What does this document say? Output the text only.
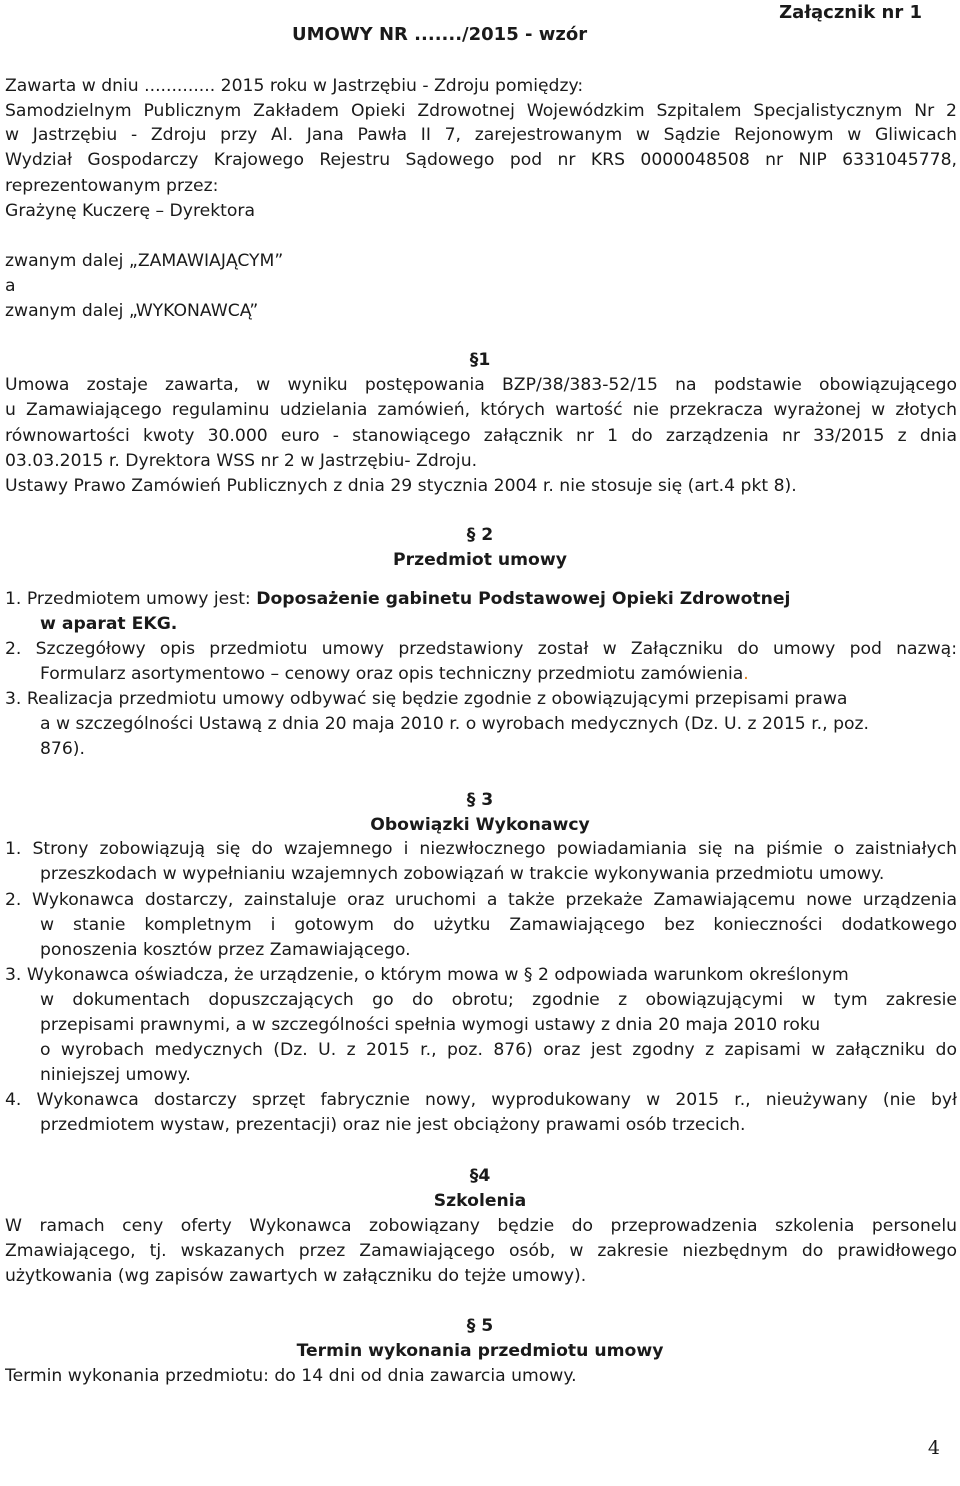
UMOWY NR ......./2015 - wzór
Załącznik nr 1
Zawarta w dniu ............. 2015 roku w Jastrzębiu - Zdroju pomiędzy:
Samodzielnym Publicznym Zakładem Opieki Zdrowotnej Wojewódzkim Szpitalem Specjalistycznym Nr 2
w Jastrzębiu - Zdroju przy Al. Jana Pawła II 7, zarejestrowanym w Sądzie Rejonowym w Gliwicach
Wydział Gospodarczy Krajowego Rejestru Sądowego pod nr KRS 0000048508 nr NIP 6331045778,
reprezentowanym przez:
Grażynę Kuczerę – Dyrektora
zwanym dalej „ZAMAWIAJĄCYM”
a
zwanym dalej „WYKONAWCĄ”
§1
Umowa zostaje zawarta, w wyniku postępowania BZP/38/383-52/15 na podstawie obowiązującego
u Zamawiającego regulaminu udzielania zamówień, których wartość nie przekracza wyrażonej w złotych
równowartości kwoty 30.000 euro - stanowiącego załącznik nr 1 do zarządzenia nr 33/2015 z dnia
03.03.2015 r. Dyrektora WSS nr 2 w Jastrzębiu- Zdroju.
Ustawy Prawo Zamówień Publicznych z dnia 29 stycznia 2004 r. nie stosuje się (art.4 pkt 8).
§ 2
Przedmiot umowy
1. Przedmiotem umowy jest: Doposażenie gabinetu Podstawowej Opieki Zdrowotnej
w aparat EKG.
2. Szczegółowy opis przedmiotu umowy przedstawiony został w Załączniku do umowy pod nazwą:
Formularz asortymentowo – cenowy oraz opis techniczny przedmiotu zamówienia.
3. Realizacja przedmiotu umowy odbywać się będzie zgodnie z obowiązującymi przepisami prawa
a w szczególności Ustawą z dnia 20 maja 2010 r. o wyrobach medycznych (Dz. U. z 2015 r., poz.
876).
§ 3
Obowiązki Wykonawcy
1. Strony zobowiązują się do wzajemnego i niezwłocznego powiadamiania się na piśmie o zaistniałych
przeszkodach w wypełnianiu wzajemnych zobowiązań w trakcie wykonywania przedmiotu umowy.
2. Wykonawca dostarczy, zainstaluje oraz uruchomi a także przekaże Zamawiającemu nowe urządzenia
w stanie kompletnym i gotowym do użytku Zamawiającego bez konieczności dodatkowego
ponoszenia kosztów przez Zamawiającego.
3. Wykonawca oświadcza, że urządzenie, o którym mowa w § 2 odpowiada warunkom określonym
w dokumentach dopuszczających go do obrotu; zgodnie z obowiązującymi w tym zakresie
przepisami prawnymi, a w szczególności spełnia wymogi ustawy z dnia 20 maja 2010 roku
o wyrobach medycznych (Dz. U. z 2015 r., poz. 876) oraz jest zgodny z zapisami w załączniku do
niniejszej umowy.
4. Wykonawca dostarczy sprzęt fabrycznie nowy, wyprodukowany w 2015 r., nieużywany (nie był
przedmiotem wystaw, prezentacji) oraz nie jest obciążony prawami osób trzecich.
§4
Szkolenia
W ramach ceny oferty Wykonawca zobowiązany będzie do przeprowadzenia szkolenia personelu
Zmawiającego, tj. wskazanych przez Zamawiającego osób, w zakresie niezbędnym do prawidłowego
użytkowania (wg zapisów zawartych w załączniku do tejże umowy).
§ 5
Termin wykonania przedmiotu umowy
Termin wykonania przedmiotu: do 14 dni od dnia zawarcia umowy.
4
